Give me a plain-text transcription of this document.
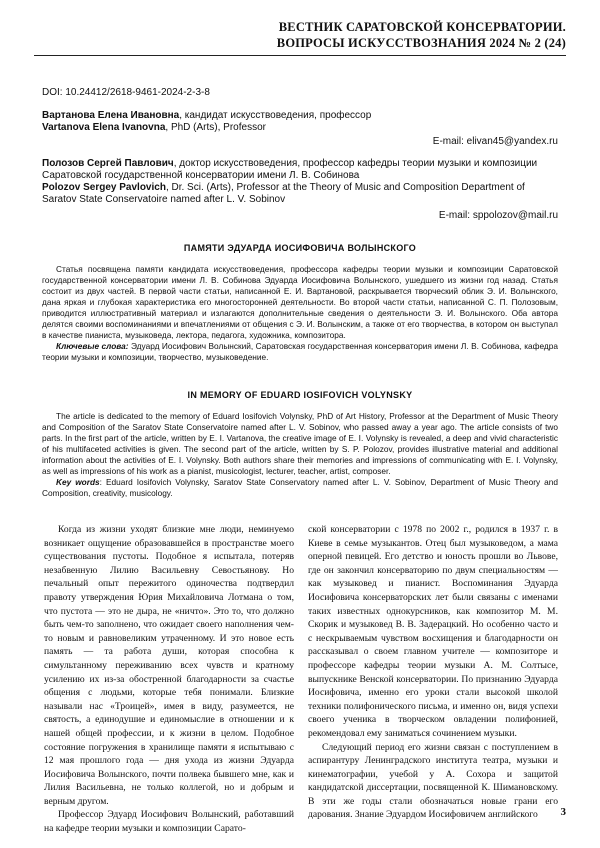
ВЕСТНИК САРАТОВСКОЙ КОНСЕРВАТОРИИ.
ВОПРОСЫ ИСКУССТВОЗНАНИЯ 2024 № 2 (24)
DOI: 10.24412/2618-9461-2024-2-3-8
Вартанова Елена Ивановна, кандидат искусствоведения, профессор
Vartanova Elena Ivanovna, PhD (Arts), Professor
E-mail: elivan45@yandex.ru
Полозов Сергей Павлович, доктор искусствоведения, профессор кафедры теории музыки и композиции Саратовской государственной консерватории имени Л. В. Собинова
Polozov Sergey Pavlovich, Dr. Sci. (Arts), Professor at the Theory of Music and Composition Department of Saratov State Conservatoire named after L. V. Sobinov
E-mail: sppolozov@mail.ru
ПАМЯТИ ЭДУАРДА ИОСИФОВИЧА ВОЛЫНСКОГО

Статья посвящена памяти кандидата искусствоведения, профессора кафедры теории музыки и композиции Саратовской государственной консерватории имени Л. В. Собинова Эдуарда Иосифовича Волынского, ушедшего из жизни год назад. Статья состоит из двух частей. В первой части статьи, написанной Е. И. Вартановой, раскрывается творческий облик Э. И. Волынского, дана яркая и глубокая характеристика его многосторонней деятельности. Во второй части статьи, написанной С. П. Полозовым, приводится иллюстративный материал и излагаются дополнительные сведения о деятельности Э. И. Волынского. Оба автора делятся своими воспоминаниями и впечатлениями от общения с Э. И. Волынским, а также от его творчества, в котором он выступал в качестве пианиста, музыковеда, лектора, педагога, художника, композитора.

Ключевые слова: Эдуард Иосифович Волынский, Саратовская государственная консерватория имени Л. В. Собинова, кафедра теории музыки и композиции, творчество, музыковедение.

IN MEMORY OF EDUARD IOSIFOVICH VOLYNSKY

The article is dedicated to the memory of Eduard Iosifovich Volynsky, PhD of Art History, Professor at the Department of Music Theory and Composition of the Saratov State Conservatoire named after L. V. Sobinov, who passed away a year ago. The article consists of two parts. In the first part of the article, written by E. I. Vartanova, the creative image of E. I. Volynsky is revealed, a deep and vivid characteristic of his multifaceted activities is given. The second part of the article, written by S. P. Polozov, provides illustrative material and additional information about the activities of E. I. Volynsky. Both authors share their memories and impressions of communicating with E. I. Volynsky, as well as impressions of his work as a pianist, musicologist, lecturer, teacher, artist, composer.

Key words: Eduard Iosifovich Volynsky, Saratov State Conservatory named after L. V. Sobinov, Department of Music Theory and Composition, creativity, musicology.

Когда из жизни уходят близкие мне люди, неминуемо возникает ощущение образовавшейся в пространстве моего существования пустоты. Подобное я испытала, потеряв незабвенную Лилию Васильевну Севостьянову. Но печальный опыт пережитого одиночества подтвердил правоту утверждения Юрия Михайловича Лотмана о том, что пустота — это не дыра, не «ничто». Это то, что должно быть чем-то заполнено, что ожидает своего наполнения чем-то новым и равновеликим утраченному. И это новое есть память — та работа души, которая способна к симультанному переживанию всех чувств и кратному усилению их из-за обостренной благодарности за счастье общения с людьми, которые тебя понимали. Близкие называли нас «Троицей», имея в виду, разумеется, не святость, а единодушие и единомыслие в отношении и к нашей общей профессии, и к жизни в целом. Подобное состояние погружения в хранилище памяти я испытываю с 12 мая прошлого года — дня ухода из жизни Эдуарда Иосифовича Волынского, почти полвека бывшего мне, как и Лилия Васильевна, не только коллегой, но и добрым и верным другом.

Профессор Эдуард Иосифович Волынский, работавший на кафедре теории музыки и композиции Сарато-

ской консерватории с 1978 по 2002 г., родился в 1937 г. в Киеве в семье музыкантов. Отец был музыковедом, а мама оперной певицей. Его детство и юность прошли во Львове, где он закончил консерваторию по двум специальностям — как музыковед и пианист. Воспоминания Эдуарда Иосифовича консерваторских лет были связаны с именами таких известных однокурсников, как композитор М. М. Скорик и музыковед В. В. Задерацкий. Но особенно часто и с нескрываемым чувством восхищения и благодарности он рассказывал о своем главном учителе — композиторе и профессоре кафедры теории музыки А. М. Солтысе, выпускнике Венской консерватории. По признанию Эдуарда Иосифовича, именно его уроки стали высокой школой техники полифонического письма, и именно он, видя успехи своего ученика в творческом овладении полифонией, рекомендовал ему заниматься сочинением музыки.

Следующий период его жизни связан с поступлением в аспирантуру Ленинградского института театра, музыки и кинематографии, учебой у А. Сохора и защитой кандидатской диссертации, посвященной К. Шимановскому. В эти же годы стали обозначаться новые грани его дарования. Знание Эдуардом Иосифовичем английского	3
